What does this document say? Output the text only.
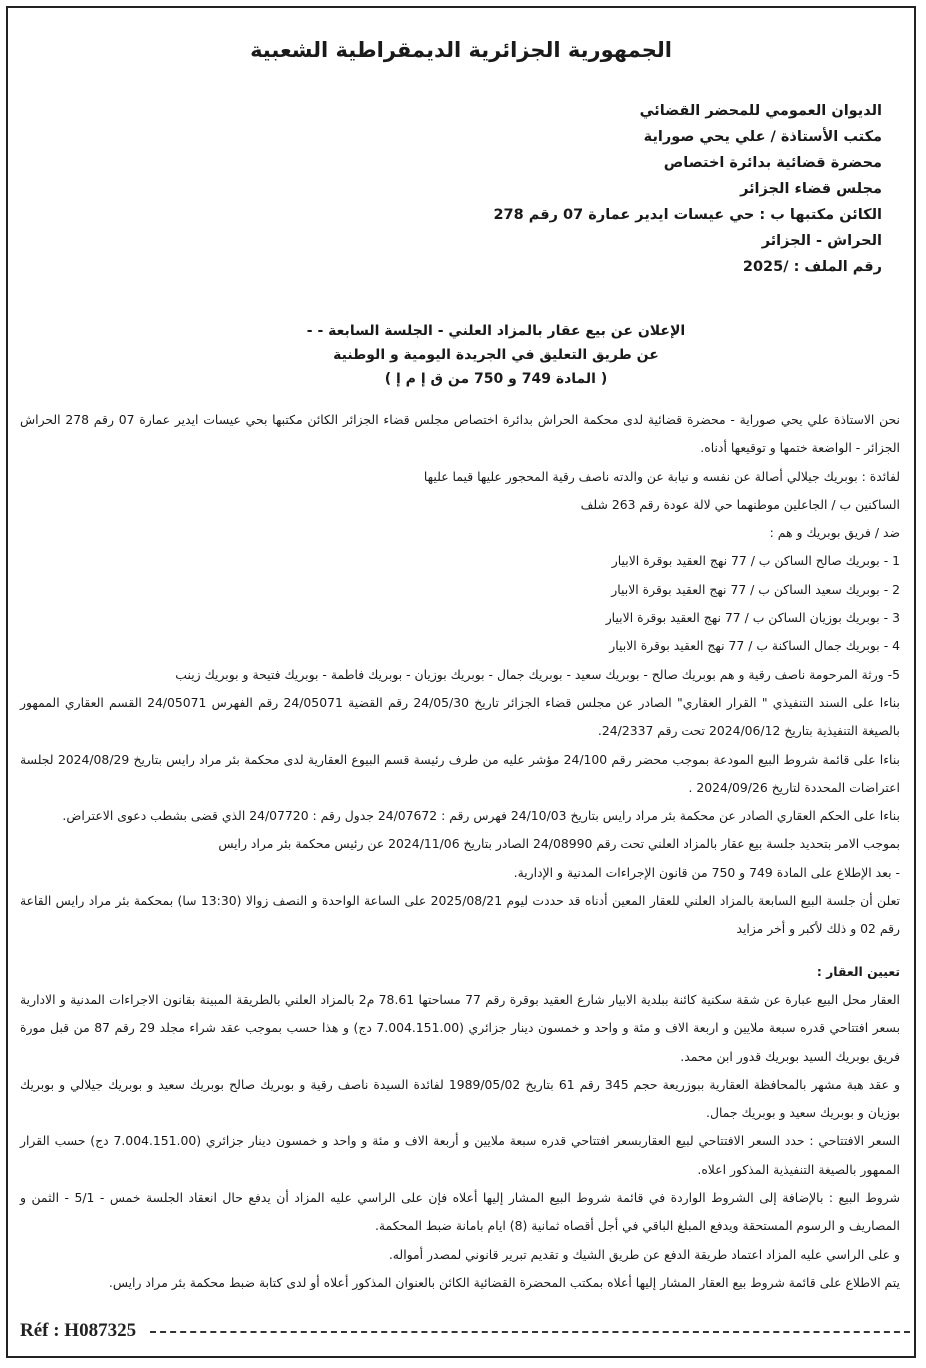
الجمهورية الجزائرية الديمقراطية الشعبية

الديوان العمومي للمحضر القضائي

مكتب الأستاذة / علي يحي صوراية

محضرة قضائية بدائرة اختصاص

مجلس قضاء الجزائر

الكائن مكتبها ب : حي عيسات ايدير عمارة 07 رقم 278

الحراش - الجزائر

رقم الملف : /2025

الإعلان عن بيع عقار بالمزاد العلني - الجلسة السابعة - -

عن طريق التعليق في الجريدة اليومية و الوطنية

( المادة 749 و 750 من ق إ م إ )

نحن الاستاذة علي يحي صوراية - محضرة قضائية لدى محكمة الحراش بدائرة اختصاص مجلس قضاء الجزائر الكائن مكتبها بحي عيسات ايدير عمارة 07 رقم 278 الحراش الجزائر - الواضعة ختمها و توقيعها أدناه.

لفائدة : بوبريك جيلالي أصالة عن نفسه و نيابة عن والدته ناصف رقية المحجور عليها قيما عليها

الساكنين ب / الجاعلين موطنهما حي لالة عودة رقم 263 شلف

ضد / فريق بوبريك و هم :

1 - بوبريك صالح الساكن ب / 77 نهج العقيد بوقرة الابيار

2 - بوبريك سعيد الساكن ب / 77 نهج العقيد بوقرة الابيار

3 - بوبريك بوزيان الساكن ب / 77 نهج العقيد بوقرة الابيار

4 - بوبريك جمال الساكنة ب / 77 نهج العقيد بوقرة الابيار

5- ورثة المرحومة ناصف رقية و هم بوبريك صالح - بوبريك سعيد - بوبريك جمال - بوبريك بوزيان - بوبريك فاطمة - بوبريك فتيحة و بوبريك زينب

بناءا على السند التنفيذي " القرار العقاري" الصادر عن مجلس قضاء الجزائر تاريخ 24/05/30 رقم القضية 24/05071 رقم الفهرس 24/05071 القسم العقاري الممهور بالصيغة التنفيذية بتاريخ 2024/06/12 تحت رقم 24/2337.

بناءا على قائمة شروط البيع المودعة بموجب محضر رقم 24/100 مؤشر عليه من طرف رئيسة قسم البيوع العقارية لدى محكمة بئر مراد رايس بتاريخ 2024/08/29 لجلسة اعتراضات المحددة لتاريخ 2024/09/26 .

بناءا على الحكم العقاري الصادر عن محكمة بئر مراد رايس بتاريخ 24/10/03 فهرس رقم : 24/07672 جدول رقم : 24/07720 الذي قضى بشطب دعوى الاعتراض.

بموجب الامر بتحديد جلسة بيع عقار بالمزاد العلني تحت رقم 24/08990 الصادر بتاريخ 2024/11/06 عن رئيس محكمة بئر مراد رايس

- بعد الإطلاع على المادة 749 و 750 من قانون الإجراءات المدنية و الإدارية.

تعلن أن جلسة البيع السابعة بالمزاد العلني للعقار المعين أدناه قد حددت ليوم 2025/08/21 على الساعة الواحدة و النصف زوالا (13:30 سا) بمحكمة بئر مراد رايس القاعة رقم 02 و ذلك لأكبر و أخر مزايد

تعيين العقار :

العقار محل البيع عبارة عن شقة سكنية كائنة ببلدية الابيار شارع العقيد بوقرة رقم 77 مساحتها 78.61 م2 بالمزاد العلني بالطريقة المبينة بقانون الاجراءات المدنية و الادارية بسعر افتتاحي قدره سبعة ملايين و اربعة الاف و مئة و واحد و خمسون دينار جزائري (7.004.151.00 دج) و هذا حسب بموجب عقد شراء مجلد 29 رقم 87 من قبل مورة فريق بوبريك السيد بوبريك قدور ابن محمد.

و عقد هبة مشهر بالمحافظة العقارية ببوزريعة حجم 345 رقم 61 بتاريخ 1989/05/02 لفائدة السيدة ناصف رقية و بوبريك صالح بوبريك سعيد و بوبريك جيلالي و بوبريك بوزيان و بوبريك سعيد و بوبريك جمال.

السعر الافتتاحي : حدد السعر الافتتاحي لبيع العقاربسعر افتتاحي قدره سبعة ملايين و أربعة الاف و مئة و واحد و خمسون دينار جزائري (7.004.151.00 دج) حسب القرار الممهور بالصيغة التنفيذية المذكور اعلاه.

شروط البيع : بالإضافة إلى الشروط الواردة في قائمة شروط البيع المشار إليها أعلاه فإن على الراسي عليه المزاد أن يدفع حال انعقاد الجلسة خمس - 5/1 - الثمن و المصاريف و الرسوم المستحقة ويدفع المبلغ الباقي في أجل أقصاه ثمانية (8) ايام بامانة ضبط المحكمة.

و على الراسي عليه المزاد اعتماد طريقة الدفع عن طريق الشيك و تقديم تبرير قانوني لمصدر أمواله.

يتم الاطلاع على قائمة شروط بيع العقار المشار إليها أعلاه بمكتب المحضرة القضائية الكائن بالعنوان المذكور أعلاه أو لدى كتابة ضبط محكمة بئر مراد رايس.

Réf : H087325
